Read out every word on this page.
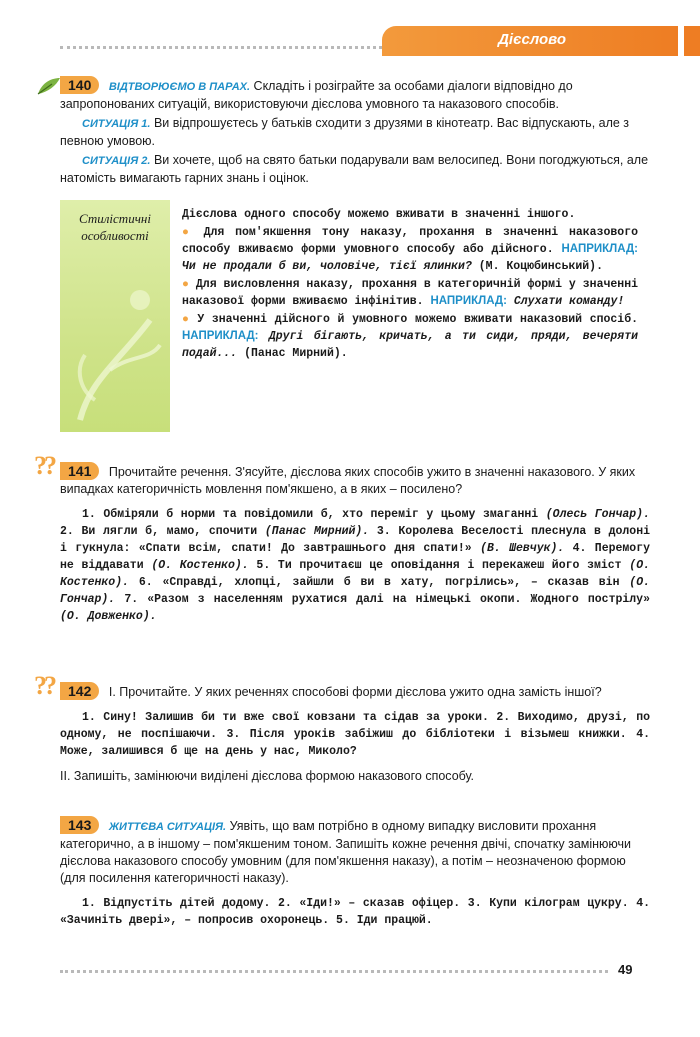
Дієслово

140 ВІДТВОРЮЄМО В ПАРАХ. Складіть і розіграйте за особами діалоги відповідно до запропонованих ситуацій, використовуючи дієслова умовного та наказового способів.

СИТУАЦІЯ 1. Ви відпрошуєтесь у батьків сходити з друзями в кінотеатр. Вас відпускають, але з певною умовою.

СИТУАЦІЯ 2. Ви хочете, щоб на свято батьки подарували вам велосипед. Вони погоджуються, але натомість вимагають гарних знань і оцінок.

Стилістичні
особливості

Дієслова одного способу можемо вживати в значенні іншого.

● Для пом'якшення тону наказу, прохання в значенні наказового способу вживаємо форми умовного способу або дійсного. НАПРИКЛАД: Чи не продали б ви, чоловіче, тієї ялинки? (М. Коцюбинський).

● Для висловлення наказу, прохання в категоричній формі у значенні наказової форми вживаємо інфінітив. НАПРИКЛАД: Слухати команду!

● У значенні дійсного й умовного можемо вживати наказовий спосіб. НАПРИКЛАД: Другі бігають, кричать, а ти сиди, пряди, вечеряти подай... (Панас Мирний).

?
? 141 Прочитайте речення. З'ясуйте, дієслова яких способів ужито в значенні наказового. У яких випадках категоричність мовлення пом'якшено, а в яких – посилено?

1. Обміряли б норми та повідомили б, хто переміг у цьому змаганні (Олесь Гончар). 2. Ви лягли б, мамо, спочити (Панас Мирний). 3. Королева Веселості плеснула в долоні і гукнула: «Спати всім, спати! До завтрашнього дня спати!» (В. Шевчук). 4. Перемогу не віддавати (О. Костенко). 5. Ти прочитаєш це оповідання і перекажеш його зміст (О. Костенко). 6. «Справді, хлопці, зайшли б ви в хату, погрілись», – сказав він (О. Гончар). 7. «Разом з населенням рухатися далі на німецькі окопи. Жодного пострілу» (О. Довженко).

?
? 142 I. Прочитайте. У яких реченнях способові форми дієслова ужито одна замість іншої?

1. Сину! Залишив би ти вже свої ковзани та сідав за уроки. 2. Виходимо, друзі, по одному, не поспішаючи. 3. Після уроків забіжиш до бібліотеки і візьмеш книжки. 4. Може, залишився б ще на день у нас, Миколо?

II. Запишіть, замінюючи виділені дієслова формою наказового способу.

143 ЖИТТЄВА СИТУАЦІЯ. Уявіть, що вам потрібно в одному випадку висловити прохання категорично, а в іншому – пом'якшеним тоном. Запишіть кожне речення двічі, спочатку замінюючи дієслова наказового способу умовним (для пом'якшення наказу), а потім – неозначеною формою (для посилення категоричності наказу).

1. Відпустіть дітей додому. 2. «Іди!» – сказав офіцер. 3. Купи кілограм цукру. 4. «Зачиніть двері», – попросив охоронець. 5. Іди працюй.

49
